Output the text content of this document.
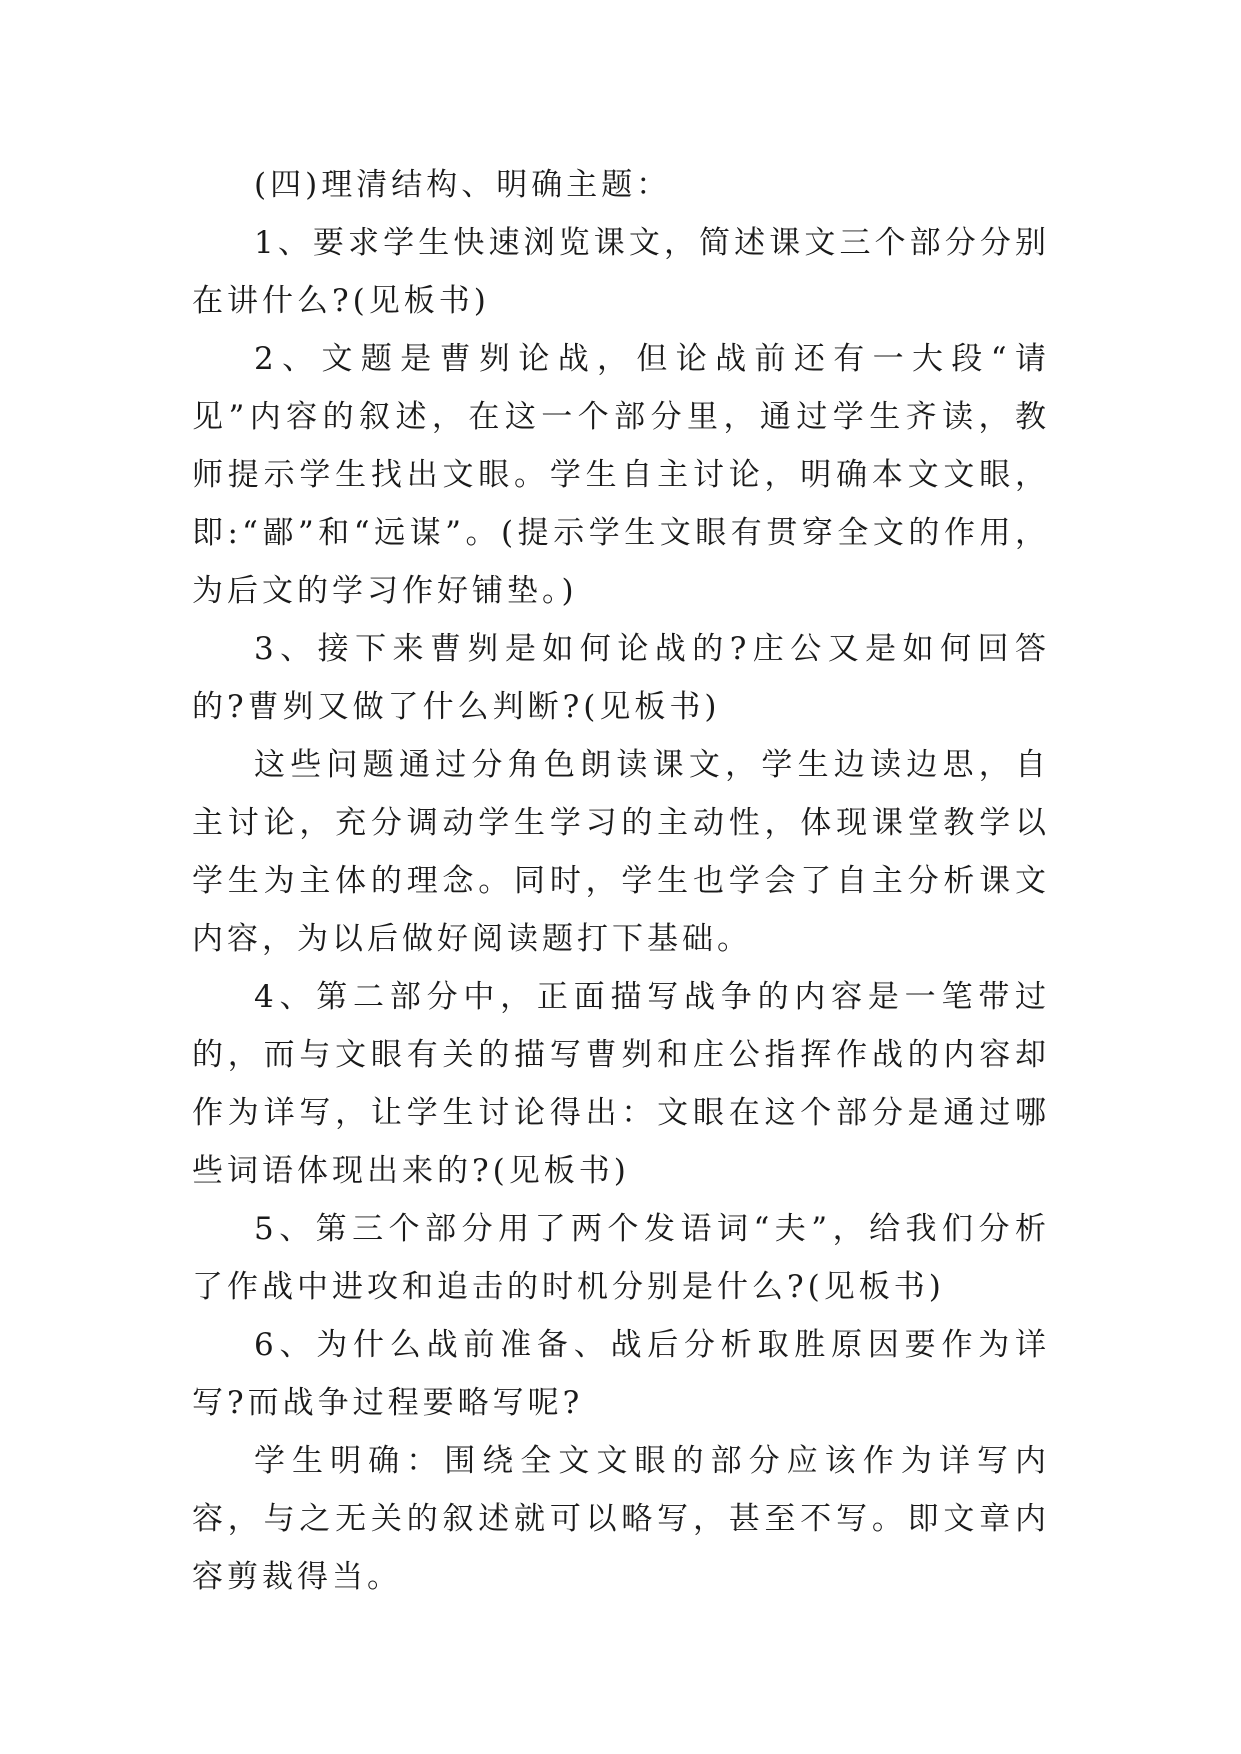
(四)理清结构、明确主题：

1、要求学生快速浏览课文，简述课文三个部分分别在讲什么?(见板书)

2、文题是曹刿论战，但论战前还有一大段“请见”内容的叙述，在这一个部分里，通过学生齐读，教师提示学生找出文眼。学生自主讨论，明确本文文眼，即:“鄙”和“远谋”。(提示学生文眼有贯穿全文的作用，为后文的学习作好铺垫。)

3、接下来曹刿是如何论战的?庄公又是如何回答的?曹刿又做了什么判断?(见板书)

这些问题通过分角色朗读课文，学生边读边思，自主讨论，充分调动学生学习的主动性，体现课堂教学以学生为主体的理念。同时，学生也学会了自主分析课文内容，为以后做好阅读题打下基础。

4、第二部分中，正面描写战争的内容是一笔带过的，而与文眼有关的描写曹刿和庄公指挥作战的内容却作为详写，让学生讨论得出：文眼在这个部分是通过哪些词语体现出来的?(见板书)

5、第三个部分用了两个发语词“夫”，给我们分析了作战中进攻和追击的时机分别是什么?(见板书)

6、为什么战前准备、战后分析取胜原因要作为详写?而战争过程要略写呢?

学生明确：围绕全文文眼的部分应该作为详写内容，与之无关的叙述就可以略写，甚至不写。即文章内容剪裁得当。
